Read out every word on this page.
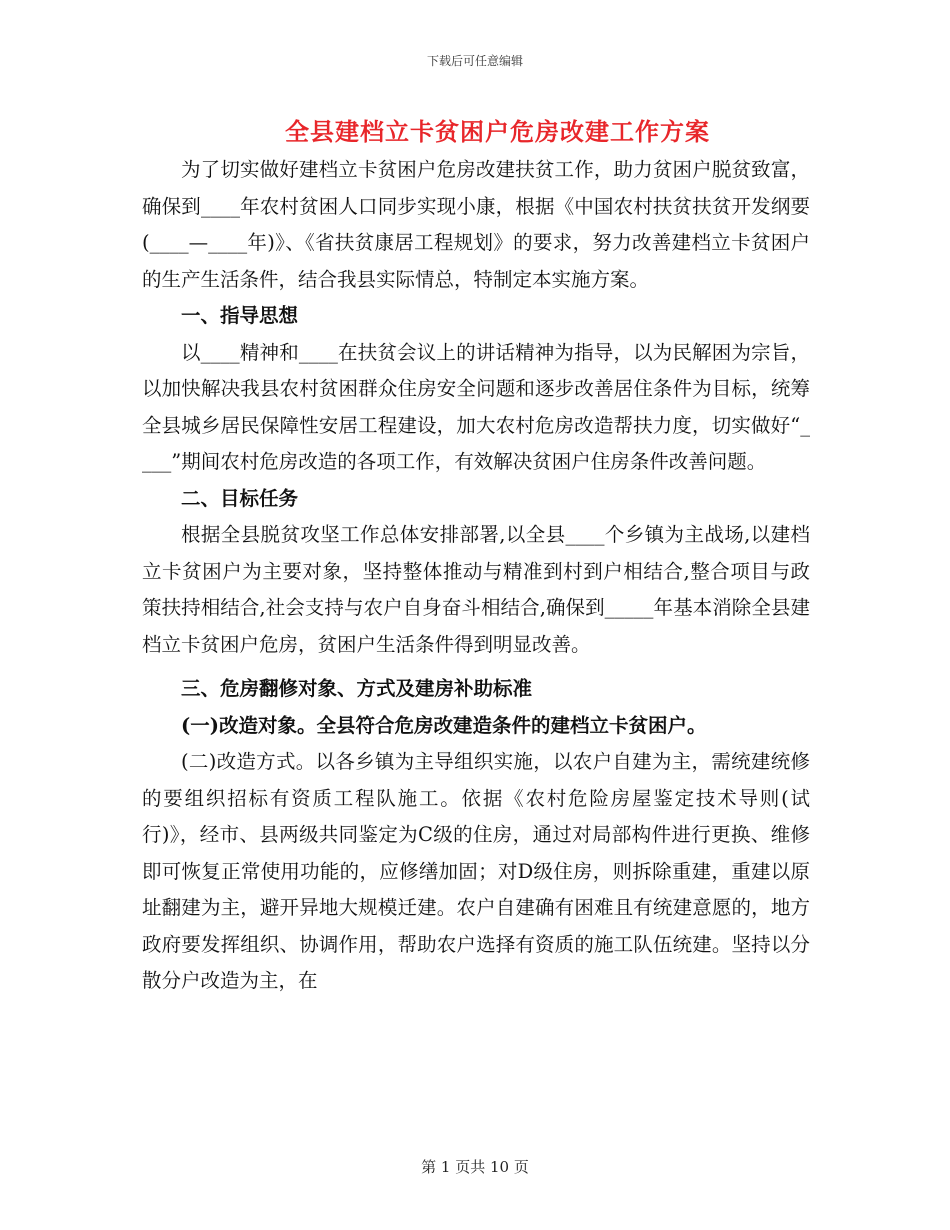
下载后可任意编辑
全县建档立卡贫困户危房改建工作方案

为了切实做好建档立卡贫困户危房改建扶贫工作，助力贫困户脱贫致富，确保到____年农村贫困人口同步实现小康，根据《中国农村扶贫扶贫开发纲要(____—____年)》、《省扶贫康居工程规划》的要求，努力改善建档立卡贫困户的生产生活条件，结合我县实际情总，特制定本实施方案。

一、指导思想

以____精神和____在扶贫会议上的讲话精神为指导，以为民解困为宗旨，以加快解决我县农村贫困群众住房安全问题和逐步改善居住条件为目标，统筹全县城乡居民保障性安居工程建设，加大农村危房改造帮扶力度，切实做好“____”期间农村危房改造的各项工作，有效解决贫困户住房条件改善问题。

二、目标任务

根据全县脱贫攻坚工作总体安排部署,以全县____个乡镇为主战场,以建档立卡贫困户为主要对象，坚持整体推动与精准到村到户相结合,整合项目与政策扶持相结合,社会支持与农户自身奋斗相结合,确保到_____年基本消除全县建档立卡贫困户危房，贫困户生活条件得到明显改善。

三、危房翻修对象、方式及建房补助标准

(一)改造对象。全县符合危房改建造条件的建档立卡贫困户。

(二)改造方式。以各乡镇为主导组织实施，以农户自建为主，需统建统修的要组织招标有资质工程队施工。依据《农村危险房屋鉴定技术导则(试行)》，经市、县两级共同鉴定为C级的住房，通过对局部构件进行更换、维修即可恢复正常使用功能的，应修缮加固；对D级住房，则拆除重建，重建以原址翻建为主，避开异地大规模迁建。农户自建确有困难且有统建意愿的，地方政府要发挥组织、协调作用，帮助农户选择有资质的施工队伍统建。坚持以分散分户改造为主，在

第 1 页共 10 页
